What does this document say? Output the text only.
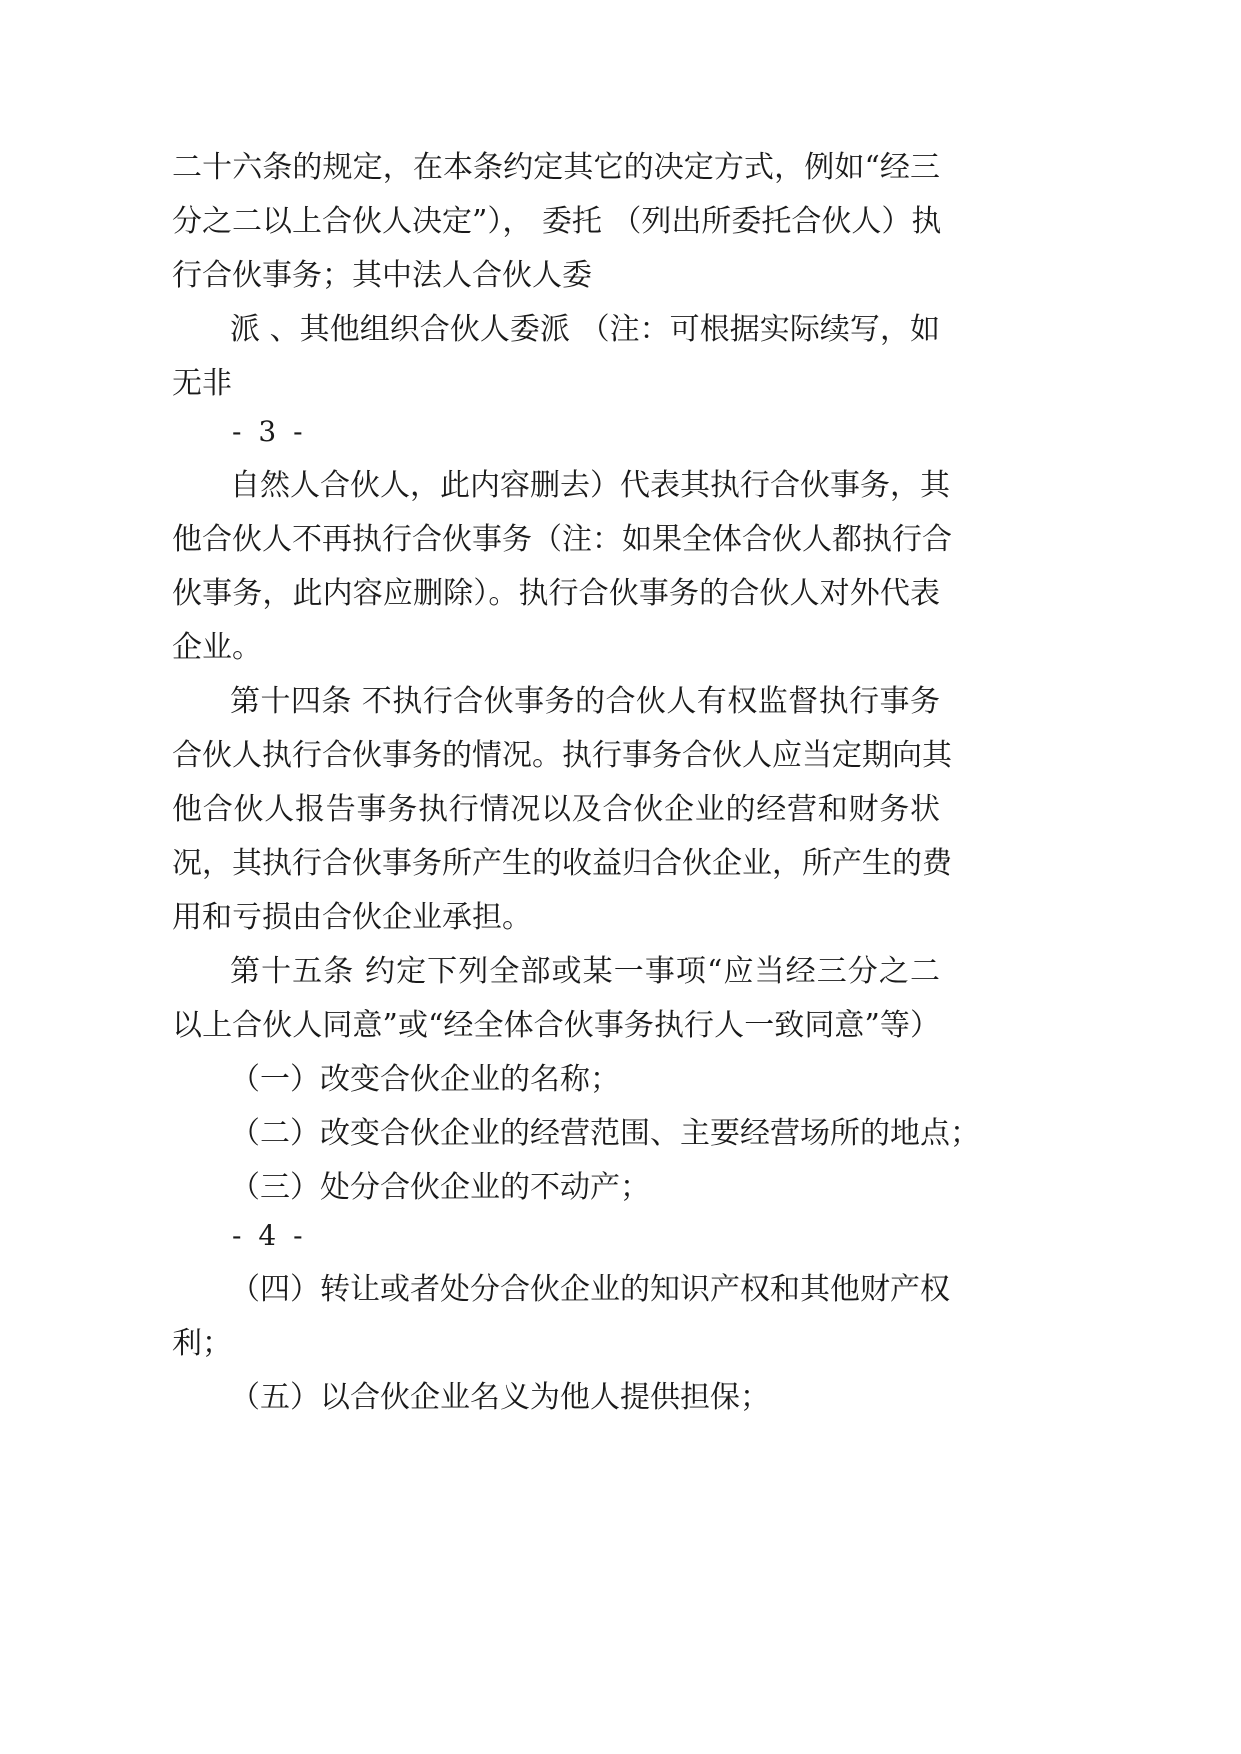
二十六条的规定，在本条约定其它的决定方式，例如“经三
分之二以上合伙人决定”）， 委托 （列出所委托合伙人）执
行合伙事务；其中法人合伙人委
派 、其他组织合伙人委派 （注：可根据实际续写，如
无非
- 3 -
自然人合伙人，此内容删去）代表其执行合伙事务，其
他合伙人不再执行合伙事务（注：如果全体合伙人都执行合
伙事务，此内容应删除）。执行合伙事务的合伙人对外代表
企业。
第十四条 不执行合伙事务的合伙人有权监督执行事务
合伙人执行合伙事务的情况。执行事务合伙人应当定期向其
他合伙人报告事务执行情况以及合伙企业的经营和财务状
况，其执行合伙事务所产生的收益归合伙企业，所产生的费
用和亏损由合伙企业承担。
第十五条 约定下列全部或某一事项“应当经三分之二
以上合伙人同意”或“经全体合伙事务执行人一致同意”等）
（一）改变合伙企业的名称；
（二）改变合伙企业的经营范围、主要经营场所的地点；
（三）处分合伙企业的不动产；
- 4 -
（四）转让或者处分合伙企业的知识产权和其他财产权
利；
（五）以合伙企业名义为他人提供担保；
